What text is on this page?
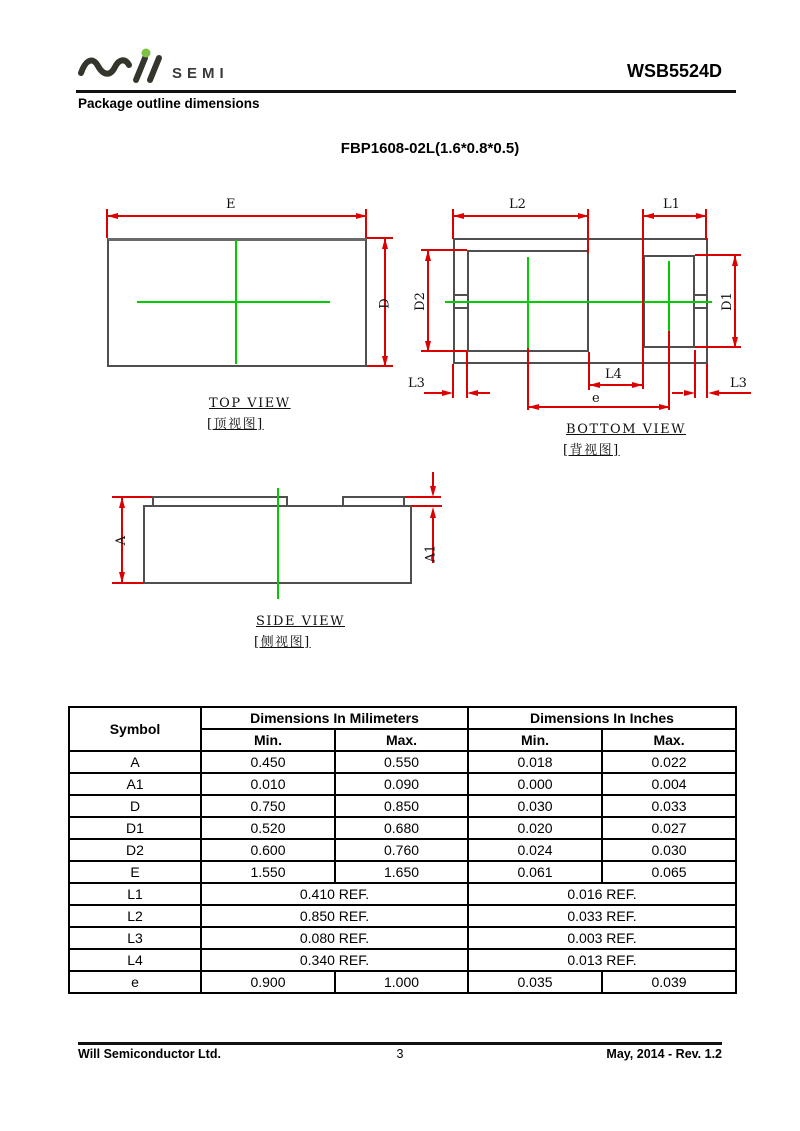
SEMI	WSB5524D
Package outline dimensions
FBP1608-02L(1.6*0.8*0.5)
E
D
TOP VIEW
[顶视图]
L2	L1
D2	D1
L3
L4
L3
e
BOTTOM VIEW
[背视图]
A
A1
SIDE VIEW
[侧视图]
Symbol	Dimensions In Milimeters		Dimensions In Inches	
	Min.	Max.	Min.	Max.
A	0.450	0.550	0.018	0.022
A1	0.010	0.090	0.000	0.004
D	0.750	0.850	0.030	0.033
D1	0.520	0.680	0.020	0.027
D2	0.600	0.760	0.024	0.030
E	1.550	1.650	0.061	0.065
L1	0.410 REF.		0.016 REF.	
L2	0.850 REF.		0.033 REF.	
L3	0.080 REF.		0.003 REF.	
L4	0.340 REF.		0.013 REF.	
e	0.900	1.000	0.035	0.039
Will Semiconductor Ltd.	3	May, 2014 - Rev. 1.2
